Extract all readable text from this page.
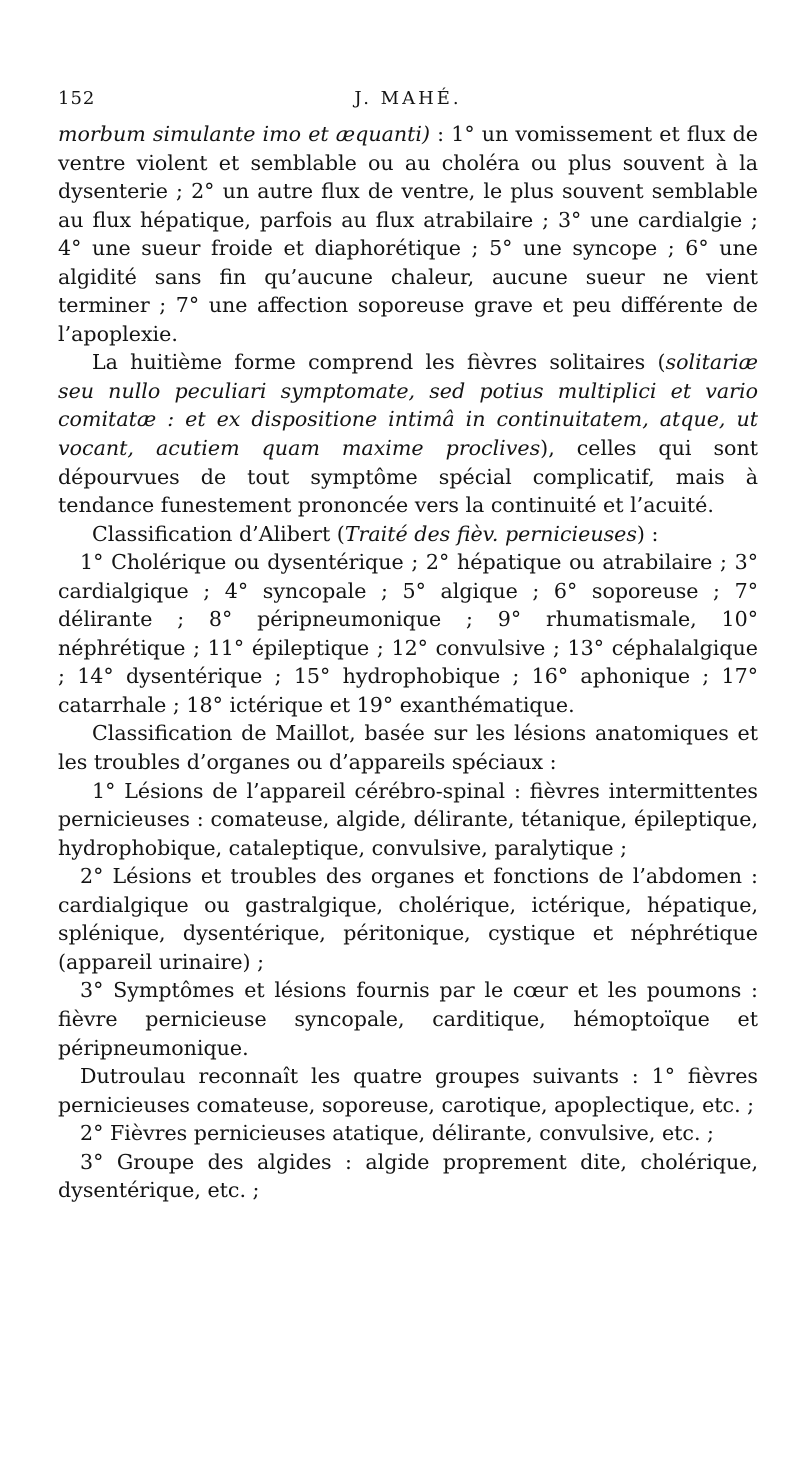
152	J. MAHÉ.

morbum simulante imo et æquanti) : 1° un vomissement et flux de ventre violent et semblable ou au choléra ou plus souvent à la dysenterie ; 2° un autre flux de ventre, le plus souvent semblable au flux hépatique, parfois au flux atrabilaire ; 3° une cardialgie ; 4° une sueur froide et diaphorétique ; 5° une syncope ; 6° une algidité sans fin qu’aucune chaleur, aucune sueur ne vient terminer ; 7° une affection soporeuse grave et peu différente de l’apoplexie.

La huitième forme comprend les fièvres solitaires (solitariæ seu nullo peculiari symptomate, sed potius multiplici et vario comitatæ : et ex dispositione intimâ in continuitatem, atque, ut vocant, acutiem quam maxime proclives), celles qui sont dépourvues de tout symptôme spécial complicatif, mais à tendance funestement prononcée vers la continuité et l’acuité.

Classification d’Alibert (Traité des fièv. pernicieuses) :

1° Cholérique ou dysentérique ; 2° hépatique ou atrabilaire ; 3° cardialgique ; 4° syncopale ; 5° algique ; 6° soporeuse ; 7° délirante ; 8° péripneumonique ; 9° rhumatismale, 10° néphrétique ; 11° épileptique ; 12° convulsive ; 13° céphalalgique ; 14° dysentérique ; 15° hydrophobique ; 16° aphonique ; 17° catarrhale ; 18° ictérique et 19° exanthématique.

Classification de Maillot, basée sur les lésions anatomiques et les troubles d’organes ou d’appareils spéciaux :

1° Lésions de l’appareil cérébro-spinal : fièvres intermittentes pernicieuses : comateuse, algide, délirante, tétanique, épileptique, hydrophobique, cataleptique, convulsive, paralytique ;

2° Lésions et troubles des organes et fonctions de l’abdomen : cardialgique ou gastralgique, cholérique, ictérique, hépatique, splénique, dysentérique, péritonique, cystique et néphrétique (appareil urinaire) ;

3° Symptômes et lésions fournis par le cœur et les poumons : fièvre pernicieuse syncopale, carditique, hémoptoïque et péripneumonique.

Dutroulau reconnaît les quatre groupes suivants : 1° fièvres pernicieuses comateuse, soporeuse, carotique, apoplectique, etc. ;

2° Fièvres pernicieuses atatique, délirante, convulsive, etc. ;

3° Groupe des algides : algide proprement dite, cholérique, dysentérique, etc. ;
